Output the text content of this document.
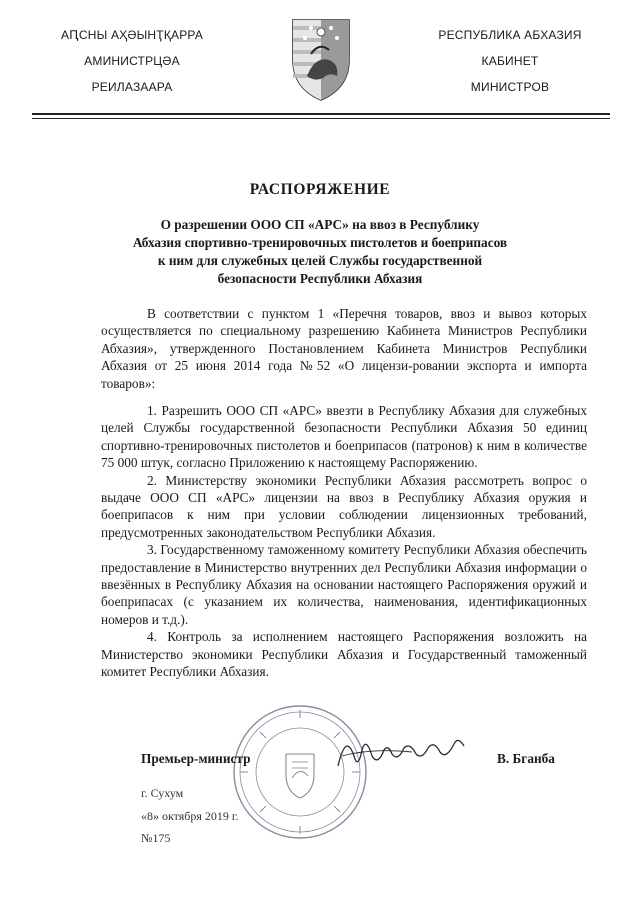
АԤСНЫ АҲӘЫНҬҚАРРА
АМИНИСТРЦӘА
РЕИЛАЗААРА
РЕСПУБЛИКА АБХАЗИЯ
КАБИНЕТ
МИНИСТРОВ
РАСПОРЯЖЕНИЕ
О разрешении ООО СП «АРС» на ввоз в Республику
Абхазия спортивно-тренировочных пистолетов и боеприпасов
к ним для служебных целей Службы государственной
безопасности Республики Абхазия

В соответствии с пунктом 1 «Перечня товаров, ввоз и вывоз которых осуществляется по специальному разрешению Кабинета Министров Республики Абхазия», утвержденного Постановлением Кабинета Министров Республики Абхазия от 25 июня 2014 года №52 «О лицензи-ровании экспорта и импорта товаров»:

1. Разрешить ООО СП «АРС» ввезти в Республику Абхазия для служебных целей Службы государственной безопасности Республики Абхазия 50 единиц спортивно-тренировочных пистолетов и боеприпасов (патронов) к ним в количестве 75 000 штук, согласно Приложению к настоящему Распоряжению.

2. Министерству экономики Республики Абхазия рассмотреть вопрос о выдаче ООО СП «АРС» лицензии на ввоз в Республику Абхазия оружия и боеприпасов к ним при условии соблюдении лицензионных требований, предусмотренных законодательством Республики Абхазия.

3. Государственному таможенному комитету Республики Абхазия обеспечить предоставление в Министерство внутренних дел Республики Абхазия информации о ввезённых в Республику Абхазия на основании настоящего Распоряжения оружий и боеприпасах (с указанием их количества, наименования, идентификационных номеров и т.д.).

4. Контроль за исполнением настоящего Распоряжения возложить на Министерство экономики Республики Абхазия и Государственный таможенный комитет Республики Абхазия.

Премьер-министр	В. Бганба
г. Сухум
«8» октября 2019 г.
№175
